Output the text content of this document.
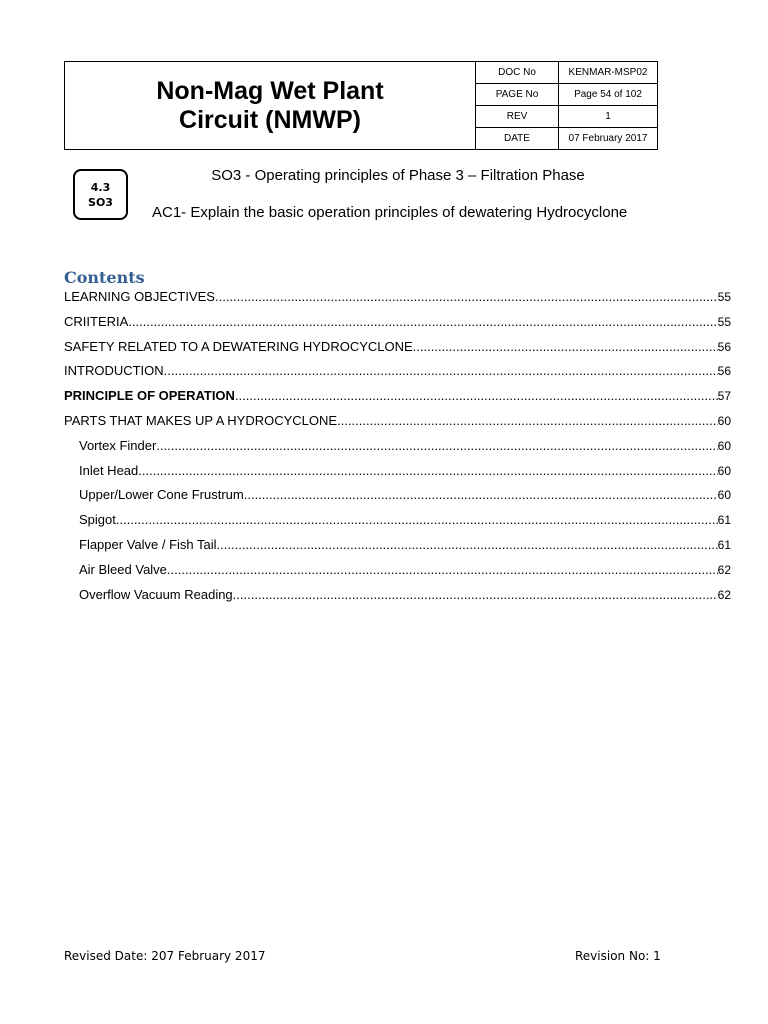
Non-Mag Wet Plant
Circuit (NMWP)
DOC No	KENMAR-MSP02
PAGE No	Page 54 of 102
REV	1
DATE	07 February 2017
4.3
SO3
SO3 - Operating principles of Phase 3 – Filtration Phase
AC1- Explain the basic operation principles of dewatering Hydrocyclone
Contents
LEARNING OBJECTIVES .....	55
CRIITERIA .....	55
SAFETY RELATED TO A DEWATERING HYDROCYCLONE .....	56
INTRODUCTION .....	56
PRINCIPLE OF OPERATION .....	57
PARTS THAT MAKES UP A HYDROCYCLONE .....	60
Vortex Finder .....	60
Inlet Head .....	60
Upper/Lower Cone Frustrum .....	60
Spigot .....	61
Flapper Valve / Fish Tail .....	61
Air Bleed Valve .....	62
Overflow Vacuum Reading .....	62
Revised Date: 207 February 2017	Revision No: 1
